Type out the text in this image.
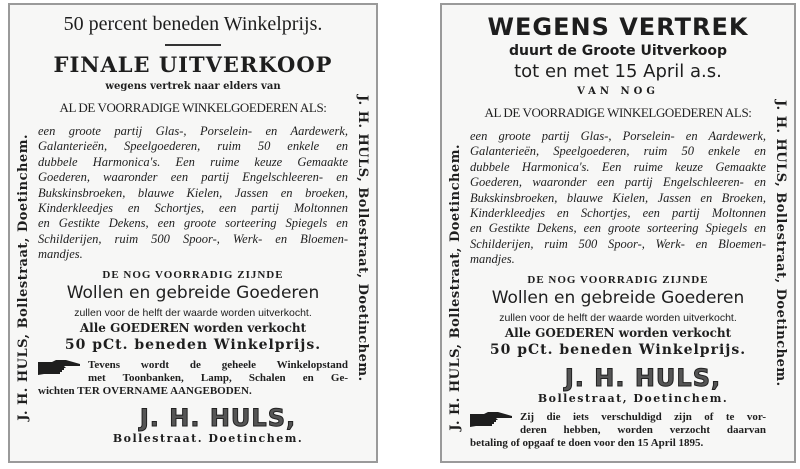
J. H. HULS, Bollestraat, Doetinchem.	J. H. HULS, Bollestraat, Doetinchem.
50 percent beneden Winkelprijs.
FINALE UITVERKOOP
wegens vertrek naar elders van
AL DE VOORRADIGE WINKELGOEDEREN ALS:
een groote partij Glas-, Porselein- en Aardewerk,
Galanterieën, Speelgoederen, ruim 50 enkele en
dubbele Harmonica's. Een ruime keuze Gemaakte
Goederen, waaronder een partij Engelschleeren- en
Bukskinsbroeken, blauwe Kielen, Jassen en broeken,
Kinderkleedjes en Schortjes, een partij Moltonnen
en Gestikte Dekens, een groote sorteering Spiegels en
Schilderijen, ruim 500 Spoor-, Werk- en Bloemen-
mandjes.
DE NOG VOORRADIG ZIJNDE
Wollen en gebreide Goederen
zullen voor de helft der waarde worden uitverkocht.
Alle GOEDEREN worden verkocht
50 pCt. beneden Winkelprijs.
Tevens wordt de geheele Winkelopstand
met Toonbanken, Lamp, Schalen en Ge-
wichten TER OVERNAME AANGEBODEN.
J. H. HULS,
Bollestraat. Doetinchem.
J. H. HULS, Bollestraat, Doetinchem.	J. H. HULS, Bollestraat, Doetinchem.
WEGENS VERTREK
duurt de Groote Uitverkoop
tot en met 15 April a.s.
VAN NOG
AL DE VOORRADIGE WINKELGOEDEREN ALS:
een groote partij Glas-, Porselein- en Aardewerk,
Galanterieën, Speelgoederen, ruim 50 enkele en
dubbele Harmonica's. Een ruime keuze Gemaakte
Goederen, waaronder een partij Engelschleeren- en
Bukskinsbroeken, blauwe Kielen, Jassen en Broeken,
Kinderkleedjes en Schortjes, een partij Moltonnen
en Gestikte Dekens, een groote sorteering Spiegels en
Schilderijen, ruim 500 Spoor-, Werk- en Bloemen-
mandjes.
DE NOG VOORRADIG ZIJNDE
Wollen en gebreide Goederen
zullen voor de helft der waarde worden uitverkocht.
Alle GOEDEREN worden verkocht
50 pCt. beneden Winkelprijs.
J. H. HULS,
Bollestraat, Doetinchem.
Zij die iets verschuldigd zijn of te vor-
deren hebben, worden verzocht daarvan
betaling of opgaaf te doen voor den 15 April 1895.
